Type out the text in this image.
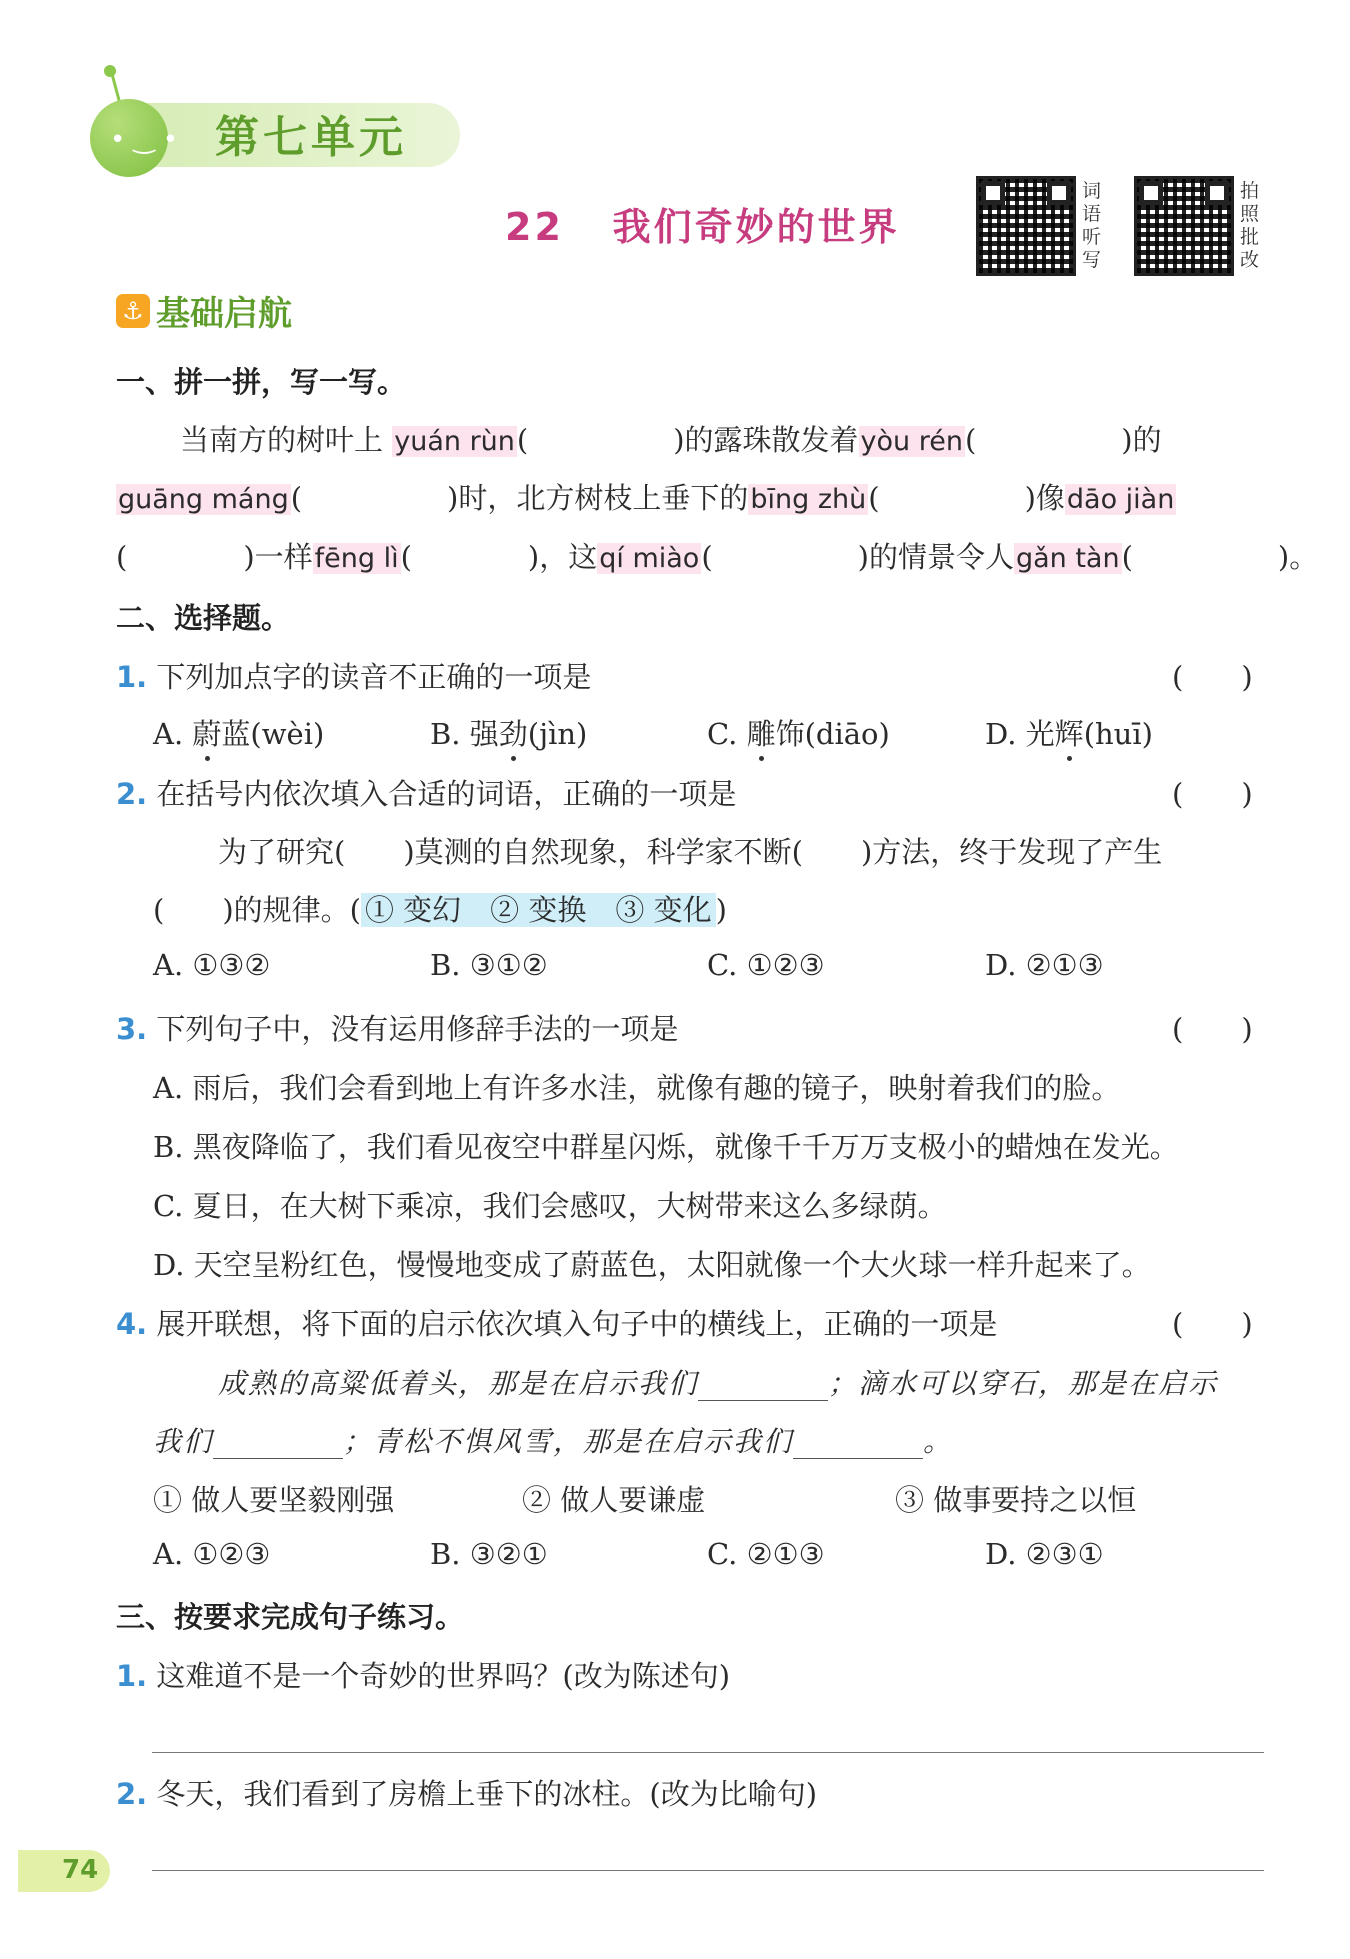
• ‿ • 第七单元
22 我们奇妙的世界
词
语
听
写
拍
照
批
改
⚓ 基础启航
一、拼一拼，写一写。
当南方的树叶上 yuán rùn(　　　　　)的露珠散发着yòu rén(　　　　　)的
guāng máng(　　　　　)时，北方树枝上垂下的bīng zhù(　　　　　)像dāo jiàn
(　　　　)一样fēng lì(　　　　)，这qí miào(　　　　　)的情景令人gǎn tàn(　　　　　)。
二、选择题。
1. 下列加点字的读音不正确的一项是	(　　)
A. 蔚蓝(wèi)	B. 强劲(jìn)	C. 雕饰(diāo)	D. 光辉(huī)
2. 在括号内依次填入合适的词语，正确的一项是	(　　)
为了研究(　　)莫测的自然现象，科学家不断(　　)方法，终于发现了产生
(　　)的规律。( ① 变幻　② 变换　③ 变化 )
A. ①③②	B. ③①②	C. ①②③	D. ②①③
3. 下列句子中，没有运用修辞手法的一项是	(　　)
A. 雨后，我们会看到地上有许多水洼，就像有趣的镜子，映射着我们的脸。
B. 黑夜降临了，我们看见夜空中群星闪烁，就像千千万万支极小的蜡烛在发光。
C. 夏日，在大树下乘凉，我们会感叹，大树带来这么多绿荫。
D. 天空呈粉红色，慢慢地变成了蔚蓝色，太阳就像一个大火球一样升起来了。
4. 展开联想，将下面的启示依次填入句子中的横线上，正确的一项是	(　　)
成熟的高粱低着头，那是在启示我们	；滴水可以穿石，那是在启示
我们	；青松不惧风雪，那是在启示我们	。
① 做人要坚毅刚强	② 做人要谦虚	③ 做事要持之以恒
A. ①②③	B. ③②①	C. ②①③	D. ②③①
三、按要求完成句子练习。
1. 这难道不是一个奇妙的世界吗？(改为陈述句)
2. 冬天，我们看到了房檐上垂下的冰柱。(改为比喻句)
74
